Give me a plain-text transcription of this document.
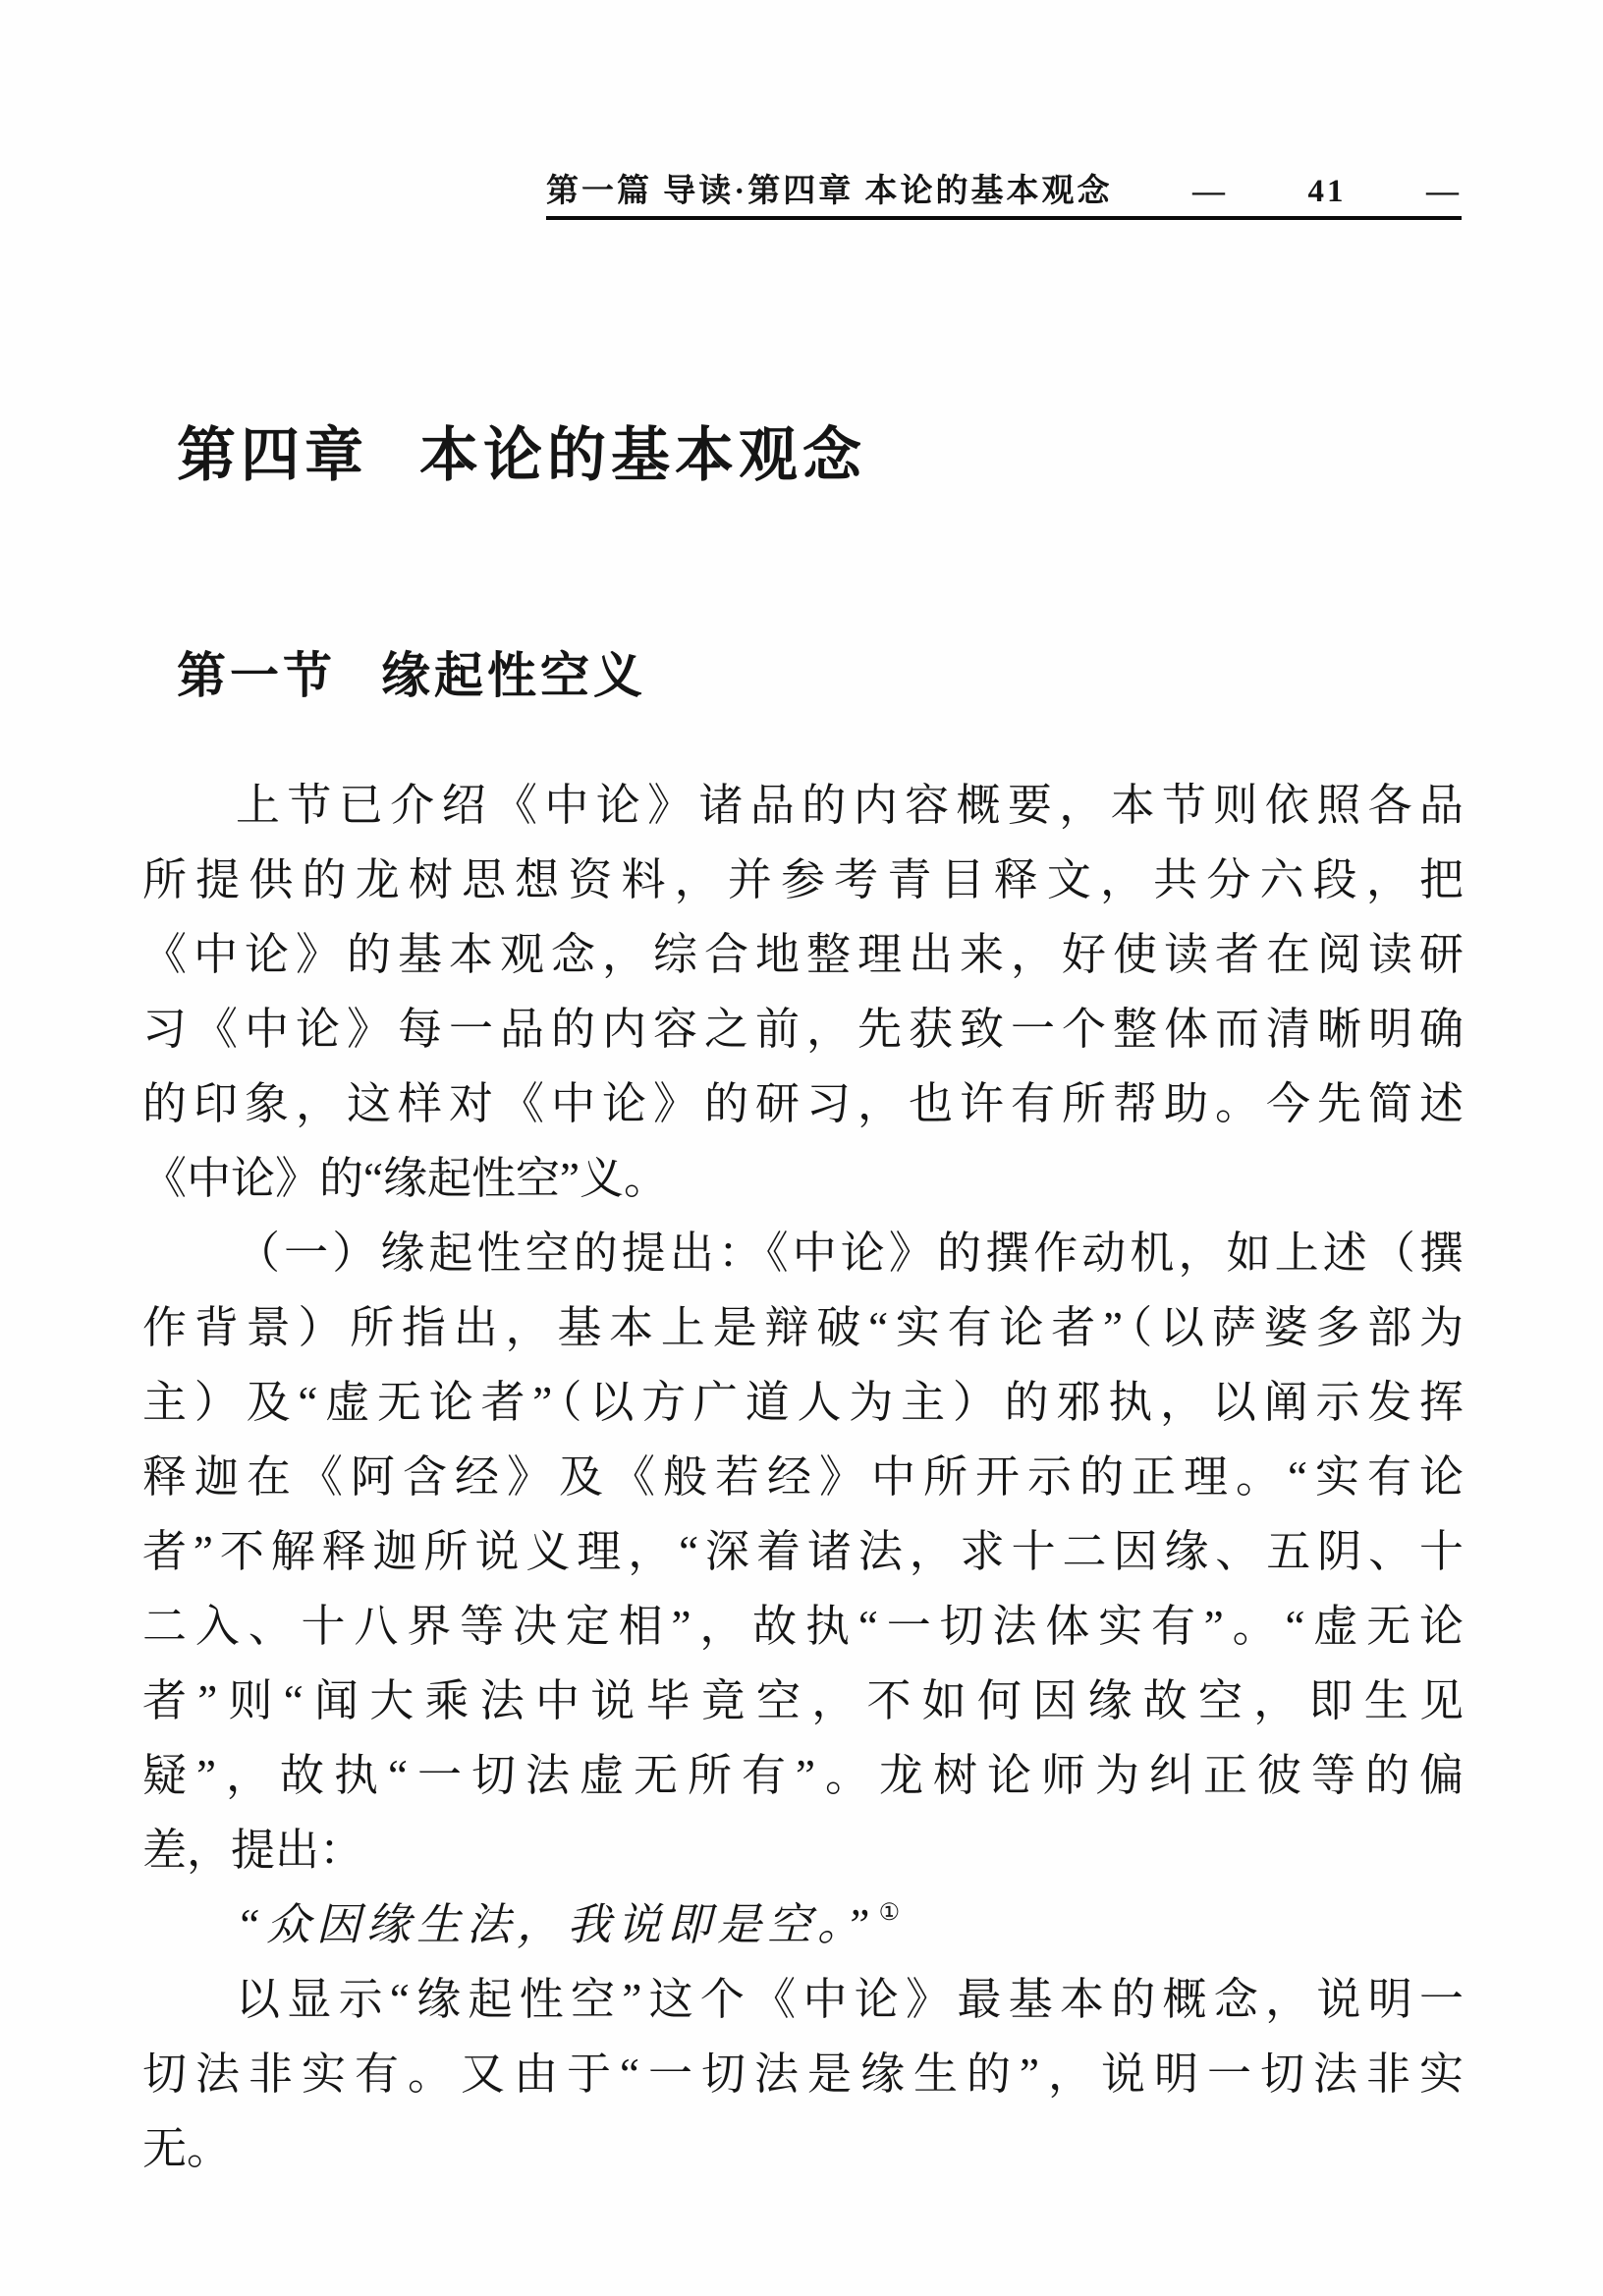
第一篇 导读·第四章 本论的基本观念 — 41 —
第四章 本论的基本观念
第一节 缘起性空义
上节已介绍《中论》诸品的内容概要，本节则依照各品
所提供的龙树思想资料，并参考青目释文，共分六段，把
《中论》的基本观念，综合地整理出来，好使读者在阅读研
习《中论》每一品的内容之前，先获致一个整体而清晰明确
的印象，这样对《中论》的研习，也许有所帮助。今先简述
《中论》的“缘起性空”义。
（一）缘起性空的提出：《中论》的撰作动机，如上述（撰
作背景）所指出，基本上是辩破“实有论者”（以萨婆多部为
主）及“虚无论者”（以方广道人为主）的邪执，以阐示发挥
释迦在《阿含经》及《般若经》中所开示的正理。“实有论
者”不解释迦所说义理，“深着诸法，求十二因缘、五阴、十
二入、十八界等决定相”，故执“一切法体实有”。“虚无论
者”则“闻大乘法中说毕竟空，不如何因缘故空，即生见
疑”，故执“一切法虚无所有”。龙树论师为纠正彼等的偏
差，提出：
“众因缘生法，我说即是空。” ①
以显示“缘起性空”这个《中论》最基本的概念，说明一
切法非实有。又由于“一切法是缘生的”，说明一切法非实
无。
